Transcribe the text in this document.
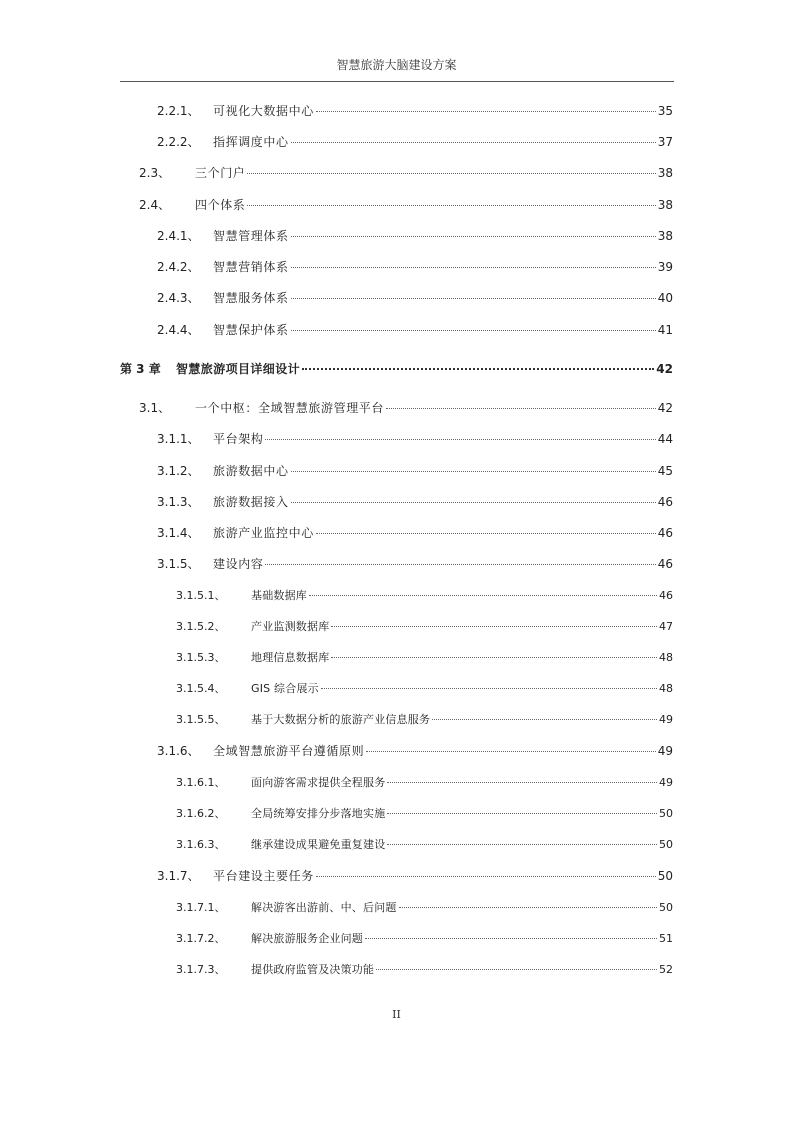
智慧旅游大脑建设方案
2.2.1、	可视化大数据中心	35
2.2.2、	指挥调度中心	37
2.3、	三个门户	38
2.4、	四个体系	38
2.4.1、	智慧管理体系	38
2.4.2、	智慧营销体系	39
2.4.3、	智慧服务体系	40
2.4.4、	智慧保护体系	41
第 3 章	智慧旅游项目详细设计	42
3.1、	一个中枢：全域智慧旅游管理平台	42
3.1.1、	平台架构	44
3.1.2、	旅游数据中心	45
3.1.3、	旅游数据接入	46
3.1.4、	旅游产业监控中心	46
3.1.5、	建设内容	46
3.1.5.1、	基础数据库	46
3.1.5.2、	产业监测数据库	47
3.1.5.3、	地理信息数据库	48
3.1.5.4、	GIS 综合展示	48
3.1.5.5、	基于大数据分析的旅游产业信息服务	49
3.1.6、	全域智慧旅游平台遵循原则	49
3.1.6.1、	面向游客需求提供全程服务	49
3.1.6.2、	全局统筹安排分步落地实施	50
3.1.6.3、	继承建设成果避免重复建设	50
3.1.7、	平台建设主要任务	50
3.1.7.1、	解决游客出游前、中、后问题	50
3.1.7.2、	解决旅游服务企业问题	51
3.1.7.3、	提供政府监管及决策功能	52
II
